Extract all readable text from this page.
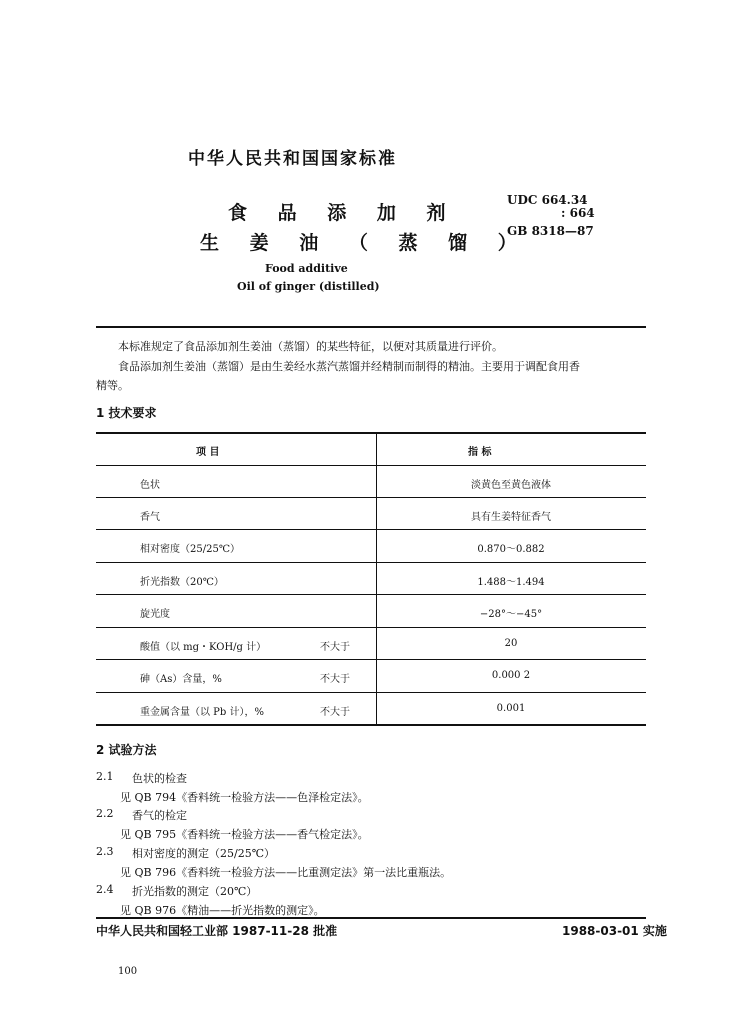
中华人民共和国国家标准
食 品 添 加 剂
生 姜 油 （ 蒸 馏 ）
Food additive
Oil of ginger (distilled)
UDC 664.34
: 664
GB 8318—87
本标准规定了食品添加剂生姜油（蒸馏）的某些特征，以便对其质量进行评价。
食品添加剂生姜油（蒸馏）是由生姜经水蒸汽蒸馏并经精制而制得的精油。主要用于调配食用香
精等。
1 技术要求
项 目	指 标
色状	淡黄色至黄色液体
香气	具有生姜特征香气
相对密度（25/25℃）	0.870～0.882
折光指数（20℃）	1.488～1.494
旋光度	−28°～−45°
酸值（以 mg・KOH/g 计）	不大于	20
砷（As）含量，%	不大于	0.000 2
重金属含量（以 Pb 计），%	不大于	0.001
2 试验方法
2.1 色状的检查
见 QB 794《香料统一检验方法——色泽检定法》。
2.2 香气的检定
见 QB 795《香料统一检验方法——香气检定法》。
2.3 相对密度的测定（25/25℃）
见 QB 796《香料统一检验方法——比重测定法》第一法比重瓶法。
2.4 折光指数的测定（20℃）
见 QB 976《精油——折光指数的测定》。
中华人民共和国轻工业部 1987-11-28 批准	1988-03-01 实施
100
